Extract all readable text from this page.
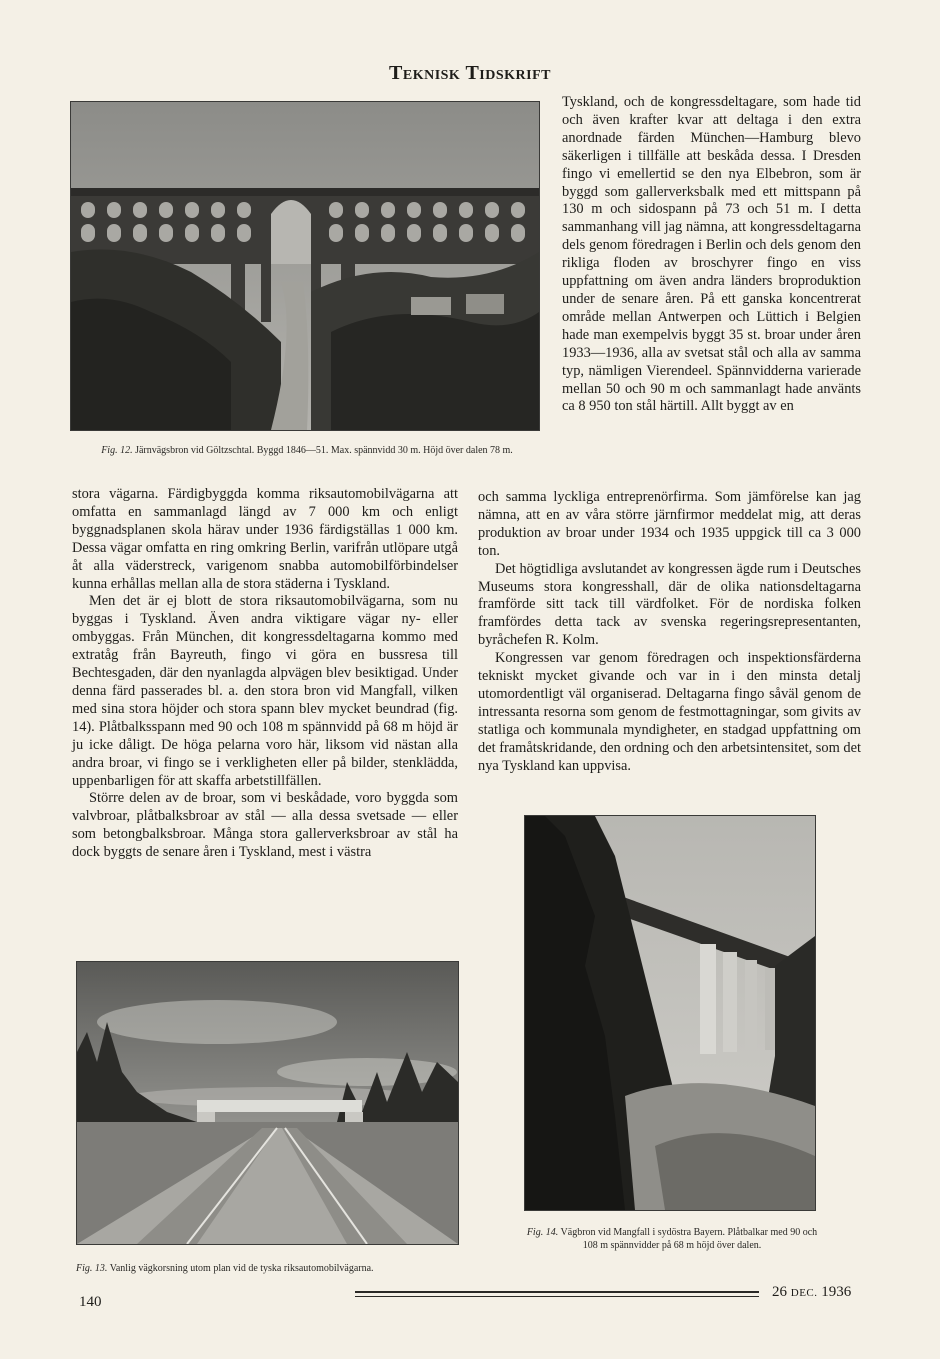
Teknisk Tidskrift
Fig. 12. Järnvägsbron vid Göltzschtal. Byggd 1846—51. Max. spännvidd 30 m. Höjd över dalen 78 m.

Tyskland, och de kongressdeltagare, som hade tid och även krafter kvar att deltaga i den extra anordnade färden München—Hamburg blevo säkerligen i tillfälle att beskåda dessa. I Dresden fingo vi emellertid se den nya Elbebron, som är byggd som gallerverksbalk med ett mittspann på 130 m och sidospann på 73 och 51 m. I detta sammanhang vill jag nämna, att kongressdeltagarna dels genom föredragen i Berlin och dels genom den rikliga floden av broschyrer fingo en viss uppfattning om även andra länders broproduktion under de senare åren. På ett ganska koncentrerat område mellan Antwerpen och Lüttich i Belgien hade man exempelvis byggt 35 st. broar under åren 1933—1936, alla av svetsat stål och alla av samma typ, nämligen Vierendeel. Spännvidderna varierade mellan 50 och 90 m och sammanlagt hade använts ca 8 950 ton stål härtill. Allt byggt av en

stora vägarna. Färdigbyggda komma riksautomobilvägarna att omfatta en sammanlagd längd av 7 000 km och enligt byggnadsplanen skola härav under 1936 färdigställas 1 000 km. Dessa vägar omfatta en ring omkring Berlin, varifrån utlöpare utgå åt alla väderstreck, varigenom snabba automobilförbindelser kunna erhållas mellan alla de stora städerna i Tyskland.

Men det är ej blott de stora riksautomobilvägarna, som nu byggas i Tyskland. Även andra viktigare vägar ny- eller ombyggas. Från München, dit kongressdeltagarna kommo med extratåg från Bayreuth, fingo vi göra en bussresa till Bechtesgaden, där den nyanlagda alpvägen blev besiktigad. Under denna färd passerades bl. a. den stora bron vid Mangfall, vilken med sina stora höjder och stora spann blev mycket beundrad (fig. 14). Plåtbalksspann med 90 och 108 m spännvidd på 68 m höjd är ju icke dåligt. De höga pelarna voro här, liksom vid nästan alla andra broar, vi fingo se i verkligheten eller på bilder, stenklädda, uppenbarligen för att skaffa arbetstillfällen.

Större delen av de broar, som vi beskådade, voro byggda som valvbroar, plåtbalksbroar av stål — alla dessa svetsade — eller som betongbalksbroar. Många stora gallerverksbroar av stål ha dock byggts de senare åren i Tyskland, mest i västra

och samma lyckliga entreprenörfirma. Som jämförelse kan jag nämna, att en av våra större järnfirmor meddelat mig, att deras produktion av broar under 1934 och 1935 uppgick till ca 3 000 ton.

Det högtidliga avslutandet av kongressen ägde rum i Deutsches Museums stora kongresshall, där de olika nationsdeltagarna framförde sitt tack till värdfolket. För de nordiska folken framfördes detta tack av svenska regeringsrepresentanten, byråchefen R. Kolm.

Kongressen var genom föredragen och inspektionsfärderna tekniskt mycket givande och var in i den minsta detalj utomordentligt väl organiserad. Deltagarna fingo såväl genom de intressanta resorna som genom de festmottagningar, som givits av statliga och kommunala myndigheter, en stadgad uppfattning om det framåtskridande, den ordning och den arbetsintensitet, som det nya Tyskland kan uppvisa.

Fig. 13. Vanlig vägkorsning utom plan vid de tyska riksautomobilvägarna.
Fig. 14. Vägbron vid Mangfall i sydöstra Bayern. Plåtbalkar med 90 och 108 m spännvidder på 68 m höjd över dalen.
140
26 DEC. 1936
